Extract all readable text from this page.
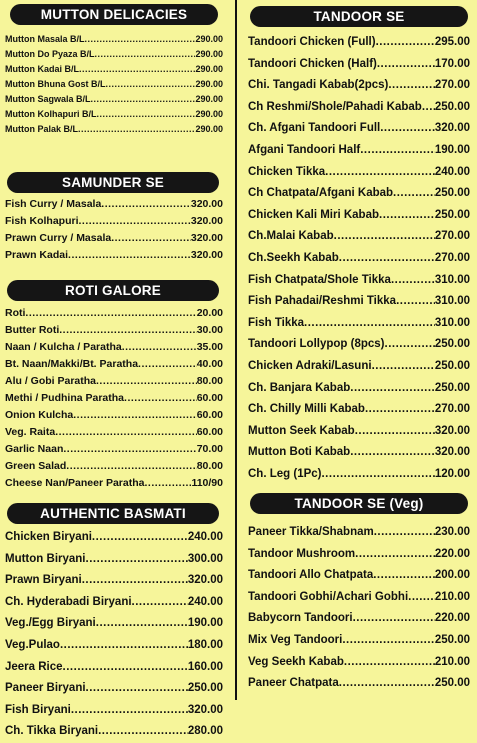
MUTTON DELICACIES
Mutton Masala B/L .....	290.00
Mutton Do Pyaza B/L .....	290.00
Mutton Kadai B/L .....	290.00
Mutton Bhuna Gost B/L .....	290.00
Mutton Sagwala B/L .....	290.00
Mutton Kolhapuri B/L .....	290.00
Mutton Palak B/L .....	290.00
SAMUNDER SE
Fish Curry / Masala .....	320.00
Fish Kolhapuri .....	320.00
Prawn Curry / Masala .....	320.00
Prawn Kadai .....	320.00
ROTI GALORE
Roti .....	20.00
Butter Roti .....	30.00
Naan / Kulcha / Paratha .....	35.00
Bt. Naan/Makki/Bt. Paratha .....	40.00
Alu / Gobi Paratha .....	80.00
Methi / Pudhina Paratha .....	60.00
Onion Kulcha .....	60.00
Veg. Raita .....	60.00
Garlic Naan .....	70.00
Green Salad .....	80.00
Cheese Nan/Paneer Paratha .....	110/90
AUTHENTIC BASMATI
Chicken Biryani .....	240.00
Mutton Biryani .....	300.00
Prawn Biryani .....	320.00
Ch. Hyderabadi Biryani .....	240.00
Veg./Egg Biryani .....	190.00
Veg.Pulao .....	180.00
Jeera Rice .....	160.00
Paneer Biryani .....	250.00
Fish Biryani .....	320.00
Ch. Tikka Biryani .....	280.00
TANDOOR SE
Tandoori Chicken (Full) .....	295.00
Tandoori Chicken (Half) .....	170.00
Chi. Tangadi Kabab(2pcs) .....	270.00
Ch Reshmi/Shole/Pahadi Kabab ..... 250.00
Ch. Afgani Tandoori Full .....	320.00
Afgani Tandoori Half .....	190.00
Chicken Tikka .....	240.00
Ch Chatpata/Afgani Kabab .....	250.00
Chicken Kali Miri Kabab .....	250.00
Ch.Malai Kabab .....	270.00
Ch.Seekh Kabab .....	270.00
Fish Chatpata/Shole Tikka .....	310.00
Fish Pahadai/Reshmi Tikka .....	310.00
Fish Tikka .....	310.00
Tandoori Lollypop (8pcs) .....	250.00
Chicken Adraki/Lasuni .....	250.00
Ch. Banjara Kabab .....	250.00
Ch. Chilly Milli Kabab .....	270.00
Mutton Seek Kabab .....	320.00
Mutton Boti Kabab .....	320.00
Ch. Leg (1Pc) .....	120.00
TANDOOR SE (Veg)
Paneer Tikka/Shabnam .....	230.00
Tandoor Mushroom .....	220.00
Tandoori Allo Chatpata .....	200.00
Tandoori Gobhi/Achari Gobhi ..... 210.00
Babycorn Tandoori .....	220.00
Mix Veg Tandoori .....	250.00
Veg Seekh Kabab .....	210.00
Paneer Chatpata .....	250.00
